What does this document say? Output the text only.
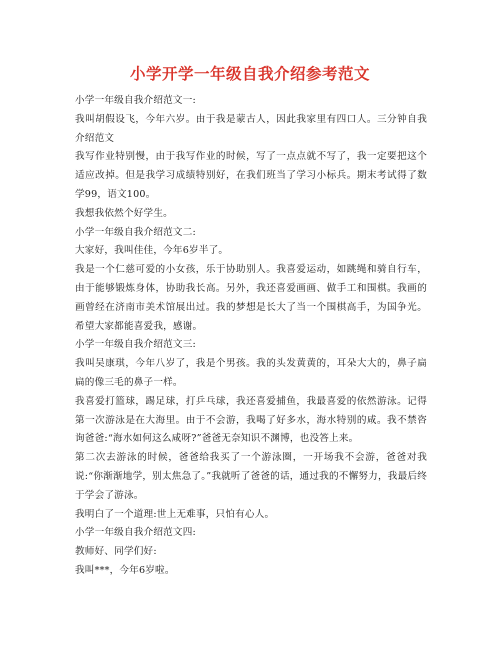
小学开学一年级自我介绍参考范文

小学一年级自我介绍范文一:

我叫胡假设飞，今年六岁。由于我是蒙古人，因此我家里有四口人。三分钟自我介绍范文

我写作业特别慢，由于我写作业的时候，写了一点点就不写了，我一定要把这个适应改掉。但是我学习成绩特别好，在我们班当了学习小标兵。期末考试得了数学99，语文100。

我想我依然个好学生。

小学一年级自我介绍范文二:

大家好，我叫佳佳，今年6岁半了。

我是一个仁慈可爱的小女孩，乐于协助别人。我喜爱运动，如跳绳和骑自行车，由于能够锻炼身体，协助我长高。另外，我还喜爱画画、做手工和围棋。我画的画曾经在济南市美术馆展出过。我的梦想是长大了当一个围棋高手，为国争光。希望大家都能喜爱我，感谢。

小学一年级自我介绍范文三:

我叫吴康琪，今年八岁了，我是个男孩。我的头发黄黄的，耳朵大大的，鼻子扁扁的像三毛的鼻子一样。

我喜爱打篮球，踢足球，打乒乓球，我还喜爱捕鱼，我最喜爱的依然游泳。记得第一次游泳是在大海里。由于不会游，我喝了好多水，海水特别的咸。我不禁咨询爸爸:“海水如何这么咸呀?”爸爸无奈知识不渊博，也没答上来。

第二次去游泳的时候，爸爸给我买了一个游泳圈，一开场我不会游，爸爸对我说:“你渐渐地学，别太焦急了。”我就听了爸爸的话，通过我的不懈努力，我最后终于学会了游泳。

我明白了一个道理:世上无难事，只怕有心人。

小学一年级自我介绍范文四:

教师好、同学们好:

我叫***，今年6岁啦。
